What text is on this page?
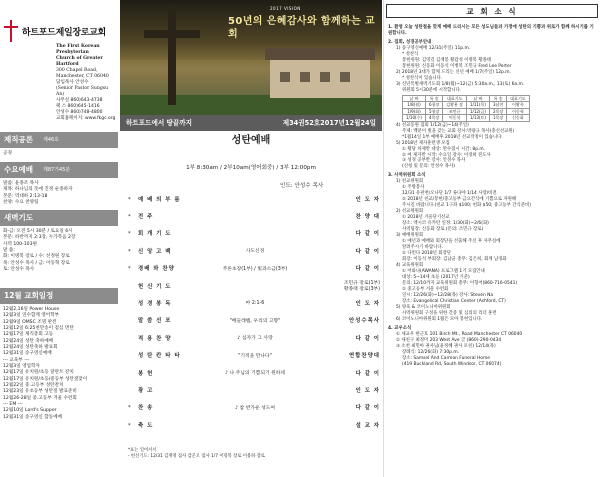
하트포드제일장로교회
The First Korean Presbyterian
Church of Greater Hartford
300 Chapel Road,
Manchester, CT 06040
담임목사 안성수
(Senior Pastor Sungsu An)
사무실 860)643-4738
팩 스 860)645-1416
안성수 860)748-4800
교회홈페이지: www.fkgc.org
제직공론 제46호
공경
수요예배 제87기45분
말씀: 윤종조 목사
제목: 하나님의 뜻에 진정 순종하자
본문: 역대하 2:13-18
찬양: 수요 찬양팀
새벽기도
화-금: 오전 5시 30분 / 토요일 6시
본문: 하반까지 2:3장, 누가복음 2장
사역 100-103편
말 씀:
화: 이병복 장로 / 수: 선정원 장로
목: 안성수 목사 / 금: 이동혁 장로
토: 안성수 목사
12월 교회일정
12월2,16일 Power House
12월3일 연수합계 영어학부
12월9일 OMSC 조명 판전
12월12일 6:25천만송이 점심 면탄
12월17일 제직총회 고등
12월24일 성탄 축하예배
12월24일 성탄축하 발표회
12월31일 송구영신예배
--- 교육부 ---
12월3일 영업학자
12월17일 유치원/초등 달란트 잔치
12월17일 유치원/초등/중등부 성탄절맞이
12월22일 중.고등부 성탄잔치
12월23일 유초등부 성탄절 발표준비
12월26-28일 중.고등부 겨울 수련회
--- EM ---
12월10일 Lord's Supper
12월31일 송구영신 합동예배
2017 VISION
50년의 은혜감사와 함께하는 교회
하트포드에서 땅끝까지	제34권52호2017년12월24일
성탄예배
1부 8:30am / 2부10am(영어회중) / 3부 12:00pm
인도: 안성수 목사
*	예 배 의 부 름	인 도 자
*	전 주	찬 양 대
*	회 개 기 도	다 같 이
*	신 앙 고 백	사도신경	다 같 이
*	경배 와 찬양	푸른초장(1부) / 빛과소금(3부)	다 같 이
헌 신 기 도	조민규 장로(1부)
황종태 장로(3부)
성 경 봉 독	마 2:1-6	인 도 자
말 씀 선 포	"베들레헴, 우리의 고향"	안성수목사
적 용 찬 양	♪ 십자가 그 사랑	다 같 이
성 탄 칸 타 타	"기적을 만나다"	연합찬양대
봉 헌	♪ 나 주님의 기쁨되기 원하네	다 같 이
광 고	인 도 자
*	찬 송	♪ 참 반가운 성도여	다 같 이
*	축 도	설 교 자
*표는 일어서서
- 헌신기도: 12/31 김재영 집사 감곤오 집사 1/7 이형복 장로 이용하 장로
교 회 소 식
1. 환영 오늘 성탄절을 맞게 예배 드리시는 모든 성도님들과 가정에 성탄의 기쁨과 위로가 함께 하시기를 기원합니다.
2. 집회, 성경공부안내
1) 송구영신예배 12/31(주일) 11p.m.
* 성찬식
봉헌위원: 김영길 김재봉 황갑성 이병복 황종태
봉헌위원: 신동화 이동석 이병복 조민규 Fred Lee Porter
2) 2018년 3대가 함께 드리는 신년 예배 1/7(주일) 12p.m.
* 성찬식이 있습니다.
3) 신년특별새벽기도회 1/8(월)~12(금) 5:30a.m., 13(토) 6a.m.
위원회 5시30분에 시작합니다.
날 짜	특 송	대표기도	날 짜	특 송	대표기도
1/8(월)	6청장	김황용 장	1/11(목)	3남전	이황옥
1/9(화)	5청장	조민규	1/12(금)	2목장	이동혁
1/10(수)	4목장	이동석	1/13(토)	1목장	신동화
4) 선교동원 집회 1/12(금)~14(주일)
주제: 백분이 빛을 갖는 교회 강사:박광규 목사(충신선교원)
*1월14일 1부 예배후 2018년 선교작정이 있습니다.
5) 2018년 제자훈련생 모집
① 황당 차제반 대상: 만수접시 시간: 8p.m.
② 여 제자반 시작: 수요일 강사: 이경희 전도사
③ 성경 공부반 강사: 안성수 목사
(신청 및 문의: 안성수 목사)
3. 사역위원회 소식
1) 친교위원회
① 주방봉사
12/31 유관천/오나단 1/7 류다야 1/14 사랑/비전
② 2018년 친교/봉헌/중고등부 금요간식에 기쁨으로 자원해
주시길 바랍니다.(친교 1구좌 $100; 헌화 $50; 중고등부 간식준비)
2) 선교위원회
① 2018년 겨울단기선교
장소: 멕시코 유카탄 일정: 1/30(화)~2/6(화)
사역팀장: 신동화 장로 (문의: 조민규 장로)
3) 예배위원회
① 예년과 예배와 회장단을 선출해 주신 후 사무실에
알려주시기 바랍니다.
② 다빈다 2018년 회장단
회장: 이동석 부회장: 김남균 총무: 김은희, 회계 남경화
4) 교육위원회
① 어와나(AWANA) 프로그램 1기 모집안내
대상: 5~14세 초등 (2017년 기준)
문의: 12/10까지 교육위원회 총무: 이형어(860-716-0541)
② 중고등부 겨울 수련회
일시: 12/26(화)~12/28(목) 강사: Steven Na
장소: Evangelical Christian Center (Ashford, CT)
5) 양육 & 코이노니아위원회
사역위원회 구성을 위한 간증 및 심의의 리더 훈련
6) 코이노니아위원회 1월은 모아 봉헌입니다.
4. 교우소식
① 새교우 한근호 101 Birch Mt., Road Manchester CT 06040
② 새친구 최정미 203 West Ave 글 (860)-290-0434
③ 소천 최민아 권사님(윤정혜 권사 모친) 12/14(목)
장례식: 12/26(화) 7:30p.m.
장소: Samsel And Carmon Funeral Home
(419 Buckland Rd, South Windsor, CT 06074)
